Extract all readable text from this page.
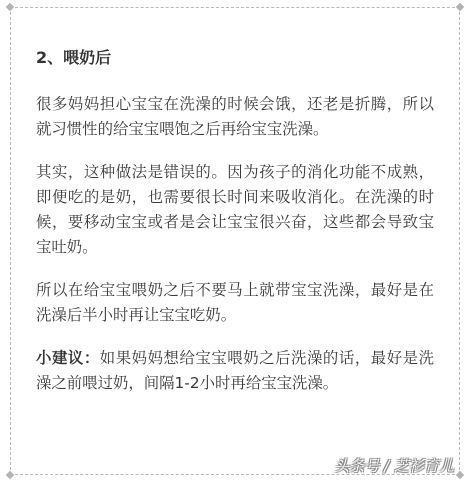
2、喂奶后

很多妈妈担心宝宝在洗澡的时候会饿，还老是折腾，所以就习惯性的给宝宝喂饱之后再给宝宝洗澡。

其实，这种做法是错误的。因为孩子的消化功能不成熟，即便吃的是奶，也需要很长时间来吸收消化。在洗澡的时候，要移动宝宝或者是会让宝宝很兴奋，这些都会导致宝宝吐奶。

所以在给宝宝喂奶之后不要马上就带宝宝洗澡，最好是在洗澡后半小时再让宝宝吃奶。

小建议：如果妈妈想给宝宝喂奶之后洗澡的话，最好是洗澡之前喂过奶，间隔1-2小时再给宝宝洗澡。

头条号 / 芝衫育儿
